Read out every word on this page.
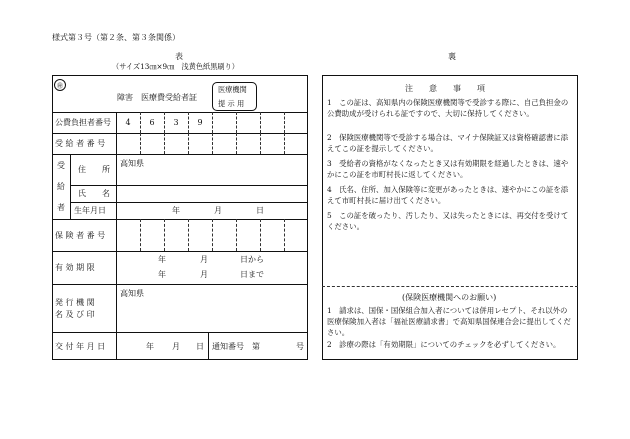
様式第３号（第２条、第３条関係）
表
（サイズ13㎝×9㎝　浅黄色紙黒刷り）
㊙
障害　医療費受給者証
医療機関
提 示 用
公費負担者番号	4	6	3	9
受 給 者 番 号
受
給
者
住　　所
高知県
氏　　名
生年月日	年	月	日
保 険 者 番 号
有 効 期 限
年	月	日から
年	月	日まで
発 行 機 関
名 及 び 印
高知県
交 付 年 月 日	年 月 日 通知番号　第	号
裏
注　　意　　事　　項
1　この証は、高知県内の保険医療機関等で受診する際に、自己負担金の公費助成が受けられる証ですので、大切に保持してください。
2　保険医療機関等で受診する場合は、マイナ保険証又は資格確認書に添えてこの証を提示してください。
3　受給者の資格がなくなったとき又は有効期限を経過したときは、速やかにこの証を市町村長に返してください。
4　氏名、住所、加入保険等に変更があったときは、速やかにこの証を添えて市町村長に届け出てください。
5　この証を破ったり、汚したり、又は失ったときには、再交付を受けてください。
(保険医療機関へのお願い)
1　請求は、国保・国保組合加入者については併用レセプト、それ以外の医療保険加入者は「福祉医療請求書」で高知県国保連合会に提出してください。
2　診療の際は「有効期限」についてのチェックを必ずしてください。
